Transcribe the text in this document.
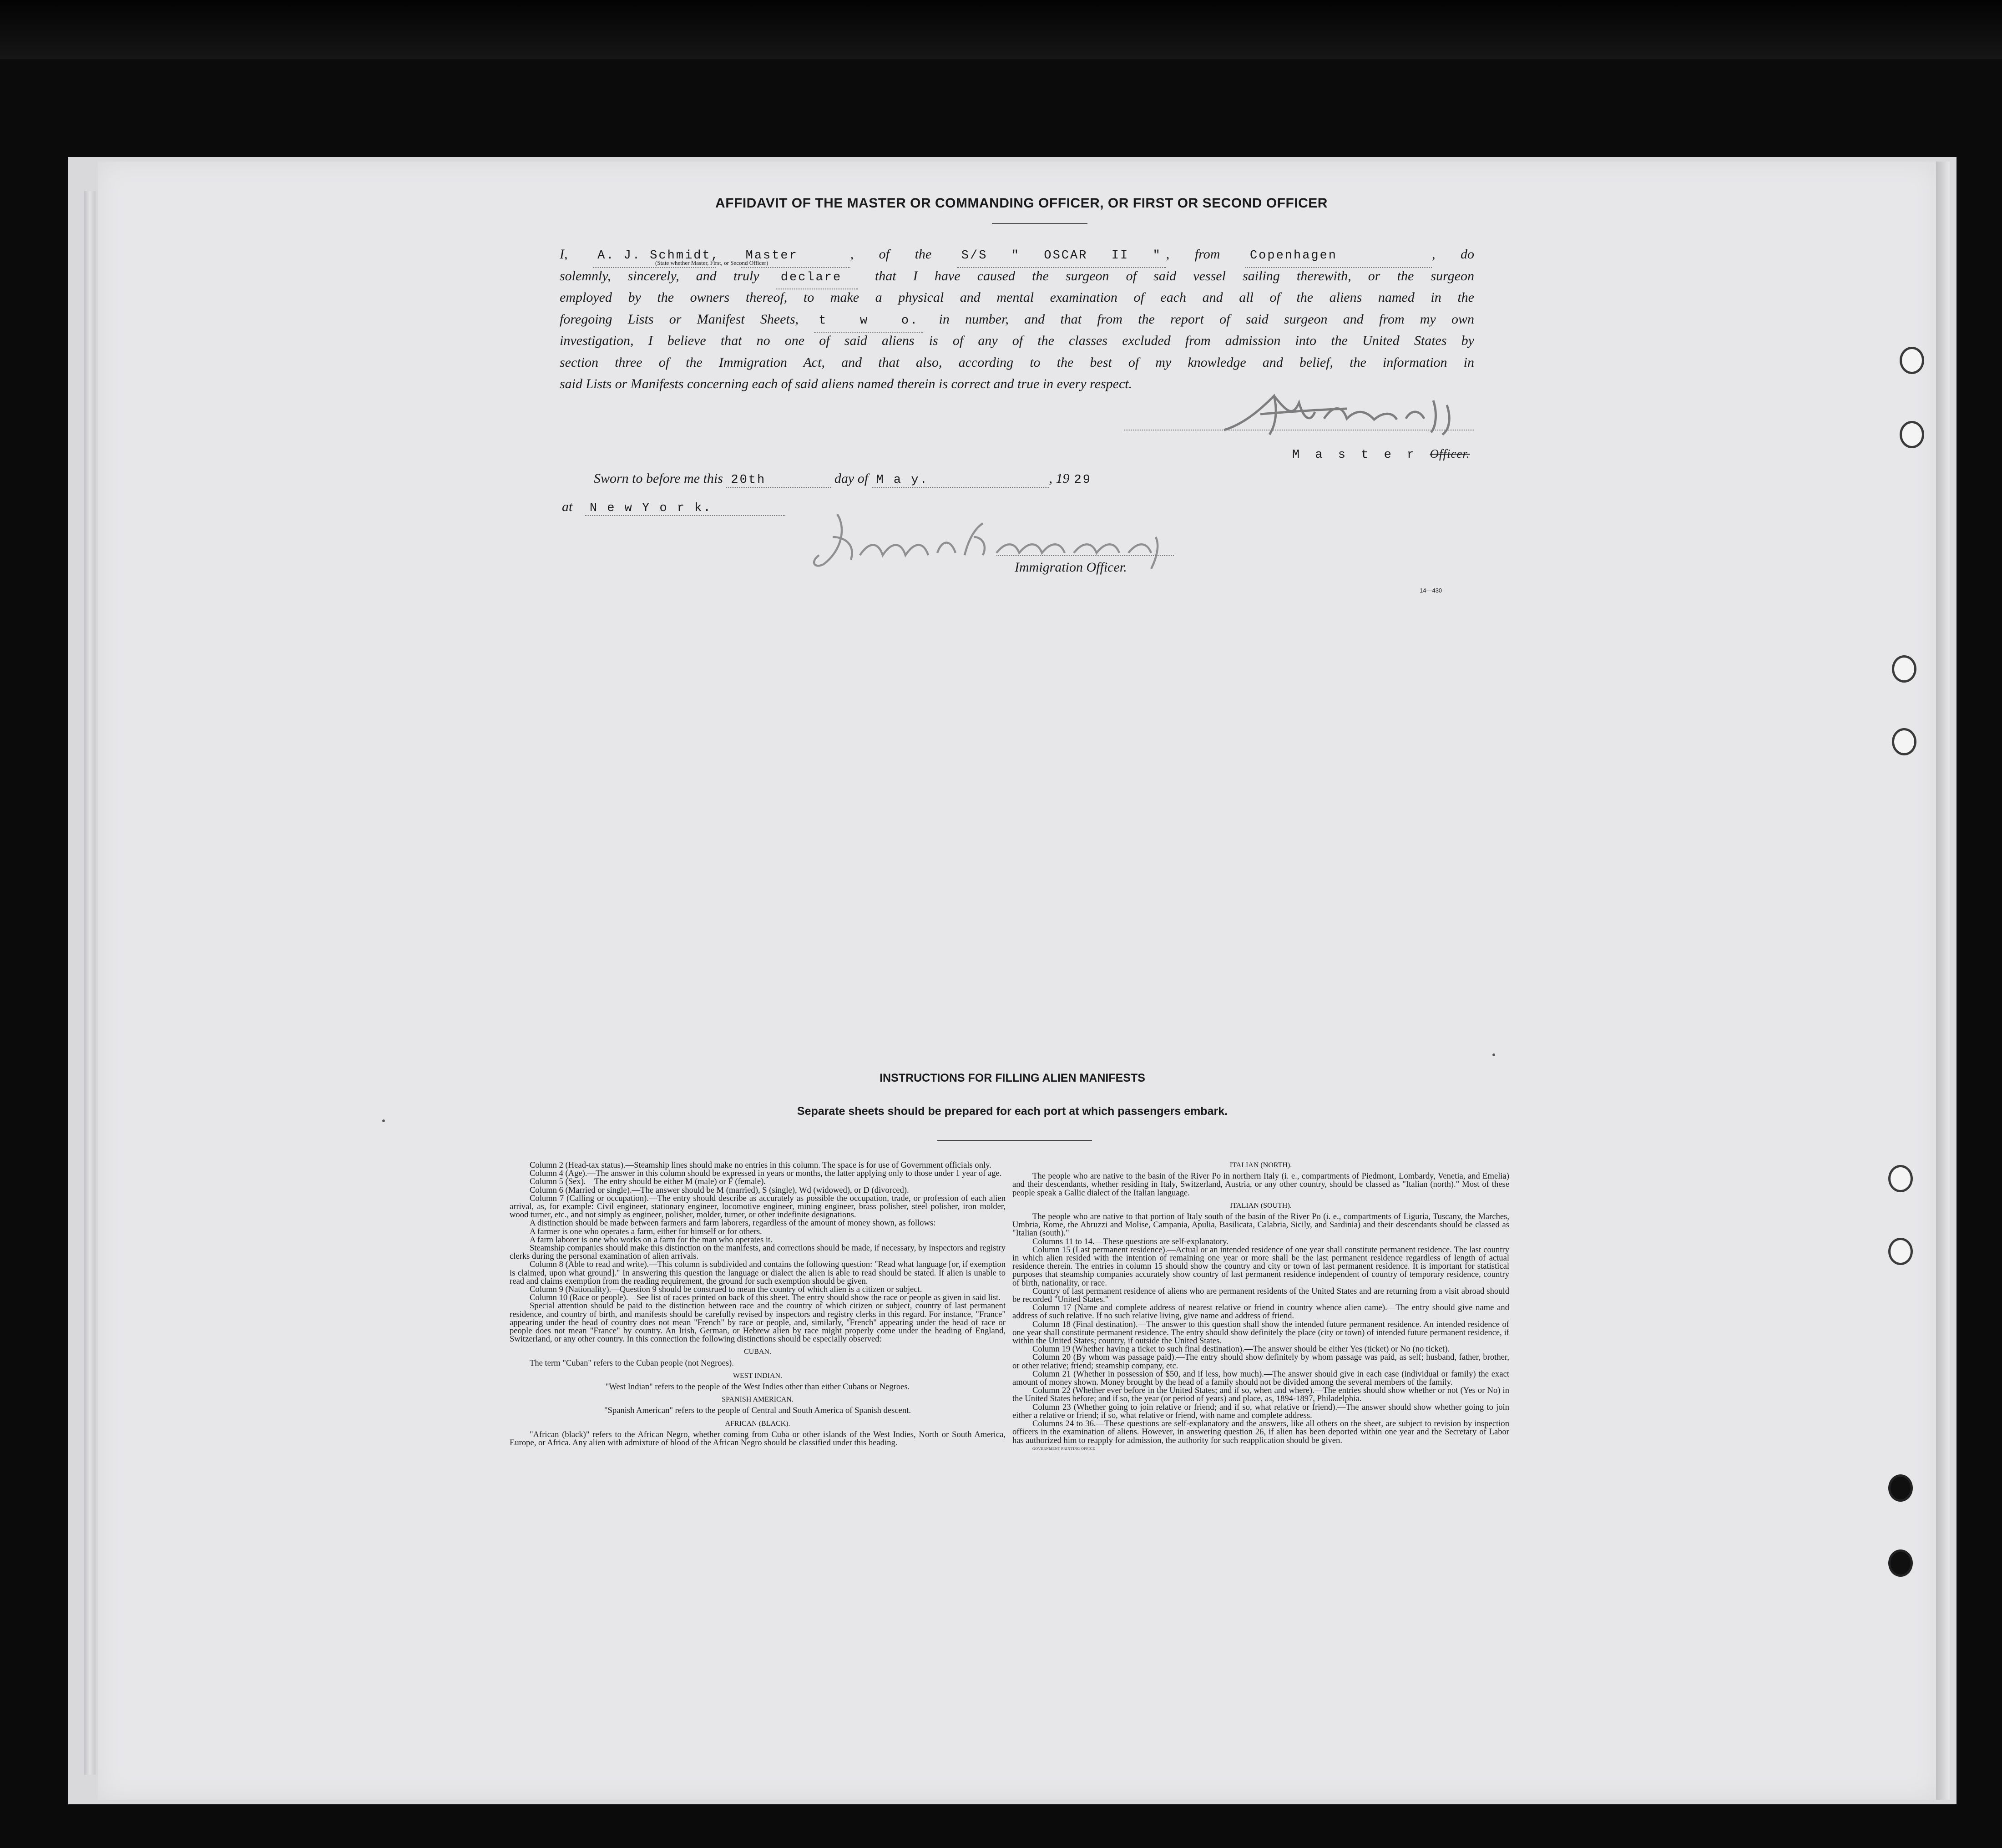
AFFIDAVIT OF THE MASTER OR COMMANDING OFFICER, OR FIRST OR SECOND OFFICER
I, A. J. Schmidt, Master	, of the S/S " OSCAR II " , from Copenhagen	, do
solemnly, sincerely, and truly declare that I have caused the surgeon of said vessel sailing therewith, or the surgeon
employed by the owners thereof, to make a physical and mental examination of each and all of the aliens named in the
foregoing Lists or Manifest Sheets, t w o. in number, and that from the report of said surgeon and from my own
investigation, I believe that no one of said aliens is of any of the classes excluded from admission into the United States by
section three of the Immigration Act, and that also, according to the best of my knowledge and belief, the information in
said Lists or Manifests concerning each of said aliens named therein is correct and true in every respect.
(State whether Master, First, or Second Officer)
M a s t e r Officer.
Sworn to before me this 20th	day of M a y.	, 19 29
at N e w Y o r k.
Immigration Officer.
14—430
INSTRUCTIONS FOR FILLING ALIEN MANIFESTS
Separate sheets should be prepared for each port at which passengers embark.

Column 2 (Head-tax status).—Steamship lines should make no entries in this column. The space is for use of Government officials only.

Column 4 (Age).—The answer in this column should be expressed in years or months, the latter applying only to those under 1 year of age.

Column 5 (Sex).—The entry should be either M (male) or F (female).

Column 6 (Married or single).—The answer should be M (married), S (single), Wd (widowed), or D (divorced).

Column 7 (Calling or occupation).—The entry should describe as accurately as possible the occupation, trade, or profession of each alien arrival, as, for example: Civil engineer, stationary engineer, locomotive engineer, mining engineer, brass polisher, steel polisher, iron molder, wood turner, etc., and not simply as engineer, polisher, molder, turner, or other indefinite designations.

A distinction should be made between farmers and farm laborers, regardless of the amount of money shown, as follows:

A farmer is one who operates a farm, either for himself or for others.

A farm laborer is one who works on a farm for the man who operates it.

Steamship companies should make this distinction on the manifests, and corrections should be made, if necessary, by inspectors and registry clerks during the personal examination of alien arrivals.

Column 8 (Able to read and write).—This column is subdivided and contains the following question: "Read what language [or, if exemption is claimed, upon what ground]." In answering this question the language or dialect the alien is able to read should be stated. If alien is unable to read and claims exemption from the reading requirement, the ground for such exemption should be given.

Column 9 (Nationality).—Question 9 should be construed to mean the country of which alien is a citizen or subject.

Column 10 (Race or people).—See list of races printed on back of this sheet. The entry should show the race or people as given in said list.

Special attention should be paid to the distinction between race and the country of which citizen or subject, country of last permanent residence, and country of birth, and manifests should be carefully revised by inspectors and registry clerks in this regard. For instance, "France" appearing under the head of country does not mean "French" by race or people, and, similarly, "French" appearing under the head of race or people does not mean "France" by country. An Irish, German, or Hebrew alien by race might properly come under the heading of England, Switzerland, or any other country. In this connection the following distinctions should be especially observed:

CUBAN.

The term "Cuban" refers to the Cuban people (not Negroes).

WEST INDIAN.

"West Indian" refers to the people of the West Indies other than either Cubans or Negroes.

SPANISH AMERICAN.

"Spanish American" refers to the people of Central and South America of Spanish descent.

AFRICAN (BLACK).

"African (black)" refers to the African Negro, whether coming from Cuba or other islands of the West Indies, North or South America, Europe, or Africa. Any alien with admixture of blood of the African Negro should be classified under this heading.

ITALIAN (NORTH).

The people who are native to the basin of the River Po in northern Italy (i. e., compartments of Piedmont, Lombardy, Venetia, and Emelia) and their descendants, whether residing in Italy, Switzerland, Austria, or any other country, should be classed as "Italian (north)." Most of these people speak a Gallic dialect of the Italian language.

ITALIAN (SOUTH).

The people who are native to that portion of Italy south of the basin of the River Po (i. e., compartments of Liguria, Tuscany, the Marches, Umbria, Rome, the Abruzzi and Molise, Campania, Apulia, Basilicata, Calabria, Sicily, and Sardinia) and their descendants should be classed as "Italian (south)."

Columns 11 to 14.—These questions are self-explanatory.

Column 15 (Last permanent residence).—Actual or an intended residence of one year shall constitute permanent residence. The last country in which alien resided with the intention of remaining one year or more shall be the last permanent residence regardless of length of actual residence therein. The entries in column 15 should show the country and city or town of last permanent residence. It is important for statistical purposes that steamship companies accurately show country of last permanent residence independent of country of temporary residence, country of birth, nationality, or race.

Country of last permanent residence of aliens who are permanent residents of the United States and are returning from a visit abroad should be recorded "United States."

Column 17 (Name and complete address of nearest relative or friend in country whence alien came).—The entry should give name and address of such relative. If no such relative living, give name and address of friend.

Column 18 (Final destination).—The answer to this question shall show the intended future permanent residence. An intended residence of one year shall constitute permanent residence. The entry should show definitely the place (city or town) of intended future permanent residence, if within the United States; country, if outside the United States.

Column 19 (Whether having a ticket to such final destination).—The answer should be either Yes (ticket) or No (no ticket).

Column 20 (By whom was passage paid).—The entry should show definitely by whom passage was paid, as self; husband, father, brother, or other relative; friend; steamship company, etc.

Column 21 (Whether in possession of $50, and if less, how much).—The answer should give in each case (individual or family) the exact amount of money shown. Money brought by the head of a family should not be divided among the several members of the family.

Column 22 (Whether ever before in the United States; and if so, when and where).—The entries should show whether or not (Yes or No) in the United States before; and if so, the year (or period of years) and place, as, 1894-1897, Philadelphia.

Column 23 (Whether going to join relative or friend; and if so, what relative or friend).—The answer should show whether going to join either a relative or friend; if so, what relative or friend, with name and complete address.

Columns 24 to 36.—These questions are self-explanatory and the answers, like all others on the sheet, are subject to revision by inspection officers in the examination of aliens. However, in answering question 26, if alien has been deported within one year and the Secretary of Labor has authorized him to reapply for admission, the authority for such reapplication should be given.

GOVERNMENT PRINTING OFFICE
